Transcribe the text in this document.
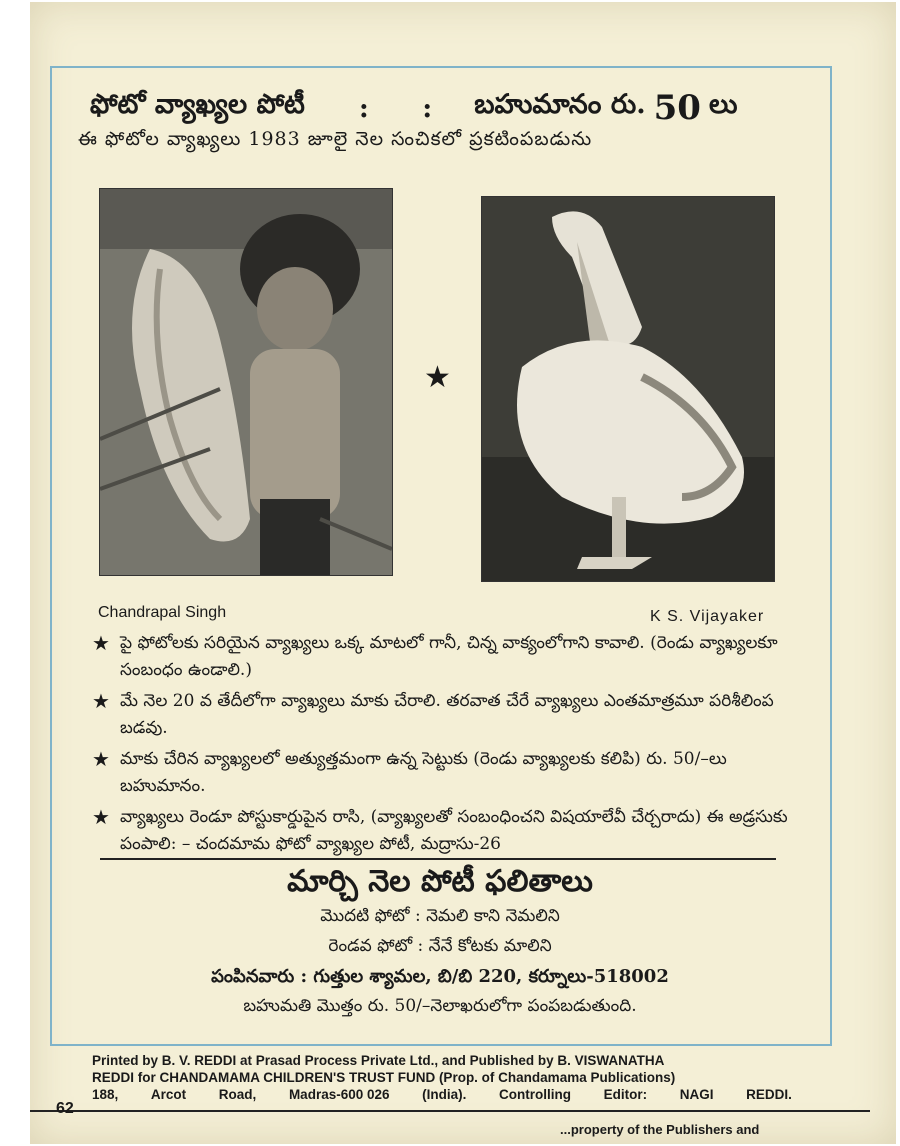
ఫోటో వ్యాఖ్యల పోటీ : : బహుమానం రు. 50 లు
ఈ ఫోటోల వ్యాఖ్యలు 1983 జూలై నెల సంచికలో ప్రకటింపబడును
★
Chandrapal Singh	K S. Vijayaker
★ పై ఫోటోలకు సరియైన వ్యాఖ్యలు ఒక్క మాటలో గానీ, చిన్న వాక్యంలోగాని కావాలి. (రెండు వ్యాఖ్యలకూ సంబంధం ఉండాలి.)
★ మే నెల 20 వ తేదీలోగా వ్యాఖ్యలు మాకు చేరాలి. తరవాత చేరే వ్యాఖ్యలు ఎంతమాత్రమూ పరిశీలింప బడవు.
★ మాకు చేరిన వ్యాఖ్యలలో అత్యుత్తమంగా ఉన్న సెట్టుకు (రెండు వ్యాఖ్యలకు కలిపి) రు. 50/–లు బహుమానం.
★ వ్యాఖ్యలు రెండూ పోస్టుకార్డుపైన రాసి, (వ్యాఖ్యలతో సంబంధించని విషయాలేవీ చేర్చరాదు) ఈ అడ్రసుకు పంపాలి: – చందమామ ఫోటో వ్యాఖ్యల పోటీ, మద్రాసు-26
మార్చి నెల పోటీ ఫలితాలు
మొదటి ఫోటో : నెమలి కాని నెమలిని
రెండవ ఫోటో : నేనే కోటకు మాలిని
పంపినవారు : గుత్తుల శ్యామల, బి/బి 220, కర్నూలు-518002
బహుమతి మొత్తం రు. 50/–నెలాఖరులోగా పంపబడుతుంది.
Printed by B. V. REDDI at Prasad Process Private Ltd., and Published by B. VISWANATHA
REDDI for CHANDAMAMA CHILDREN'S TRUST FUND (Prop. of Chandamama Publications)
188, Arcot Road, Madras-600 026 (India). Controlling Editor: NAGI REDDI.
62
...property of the Publishers and
